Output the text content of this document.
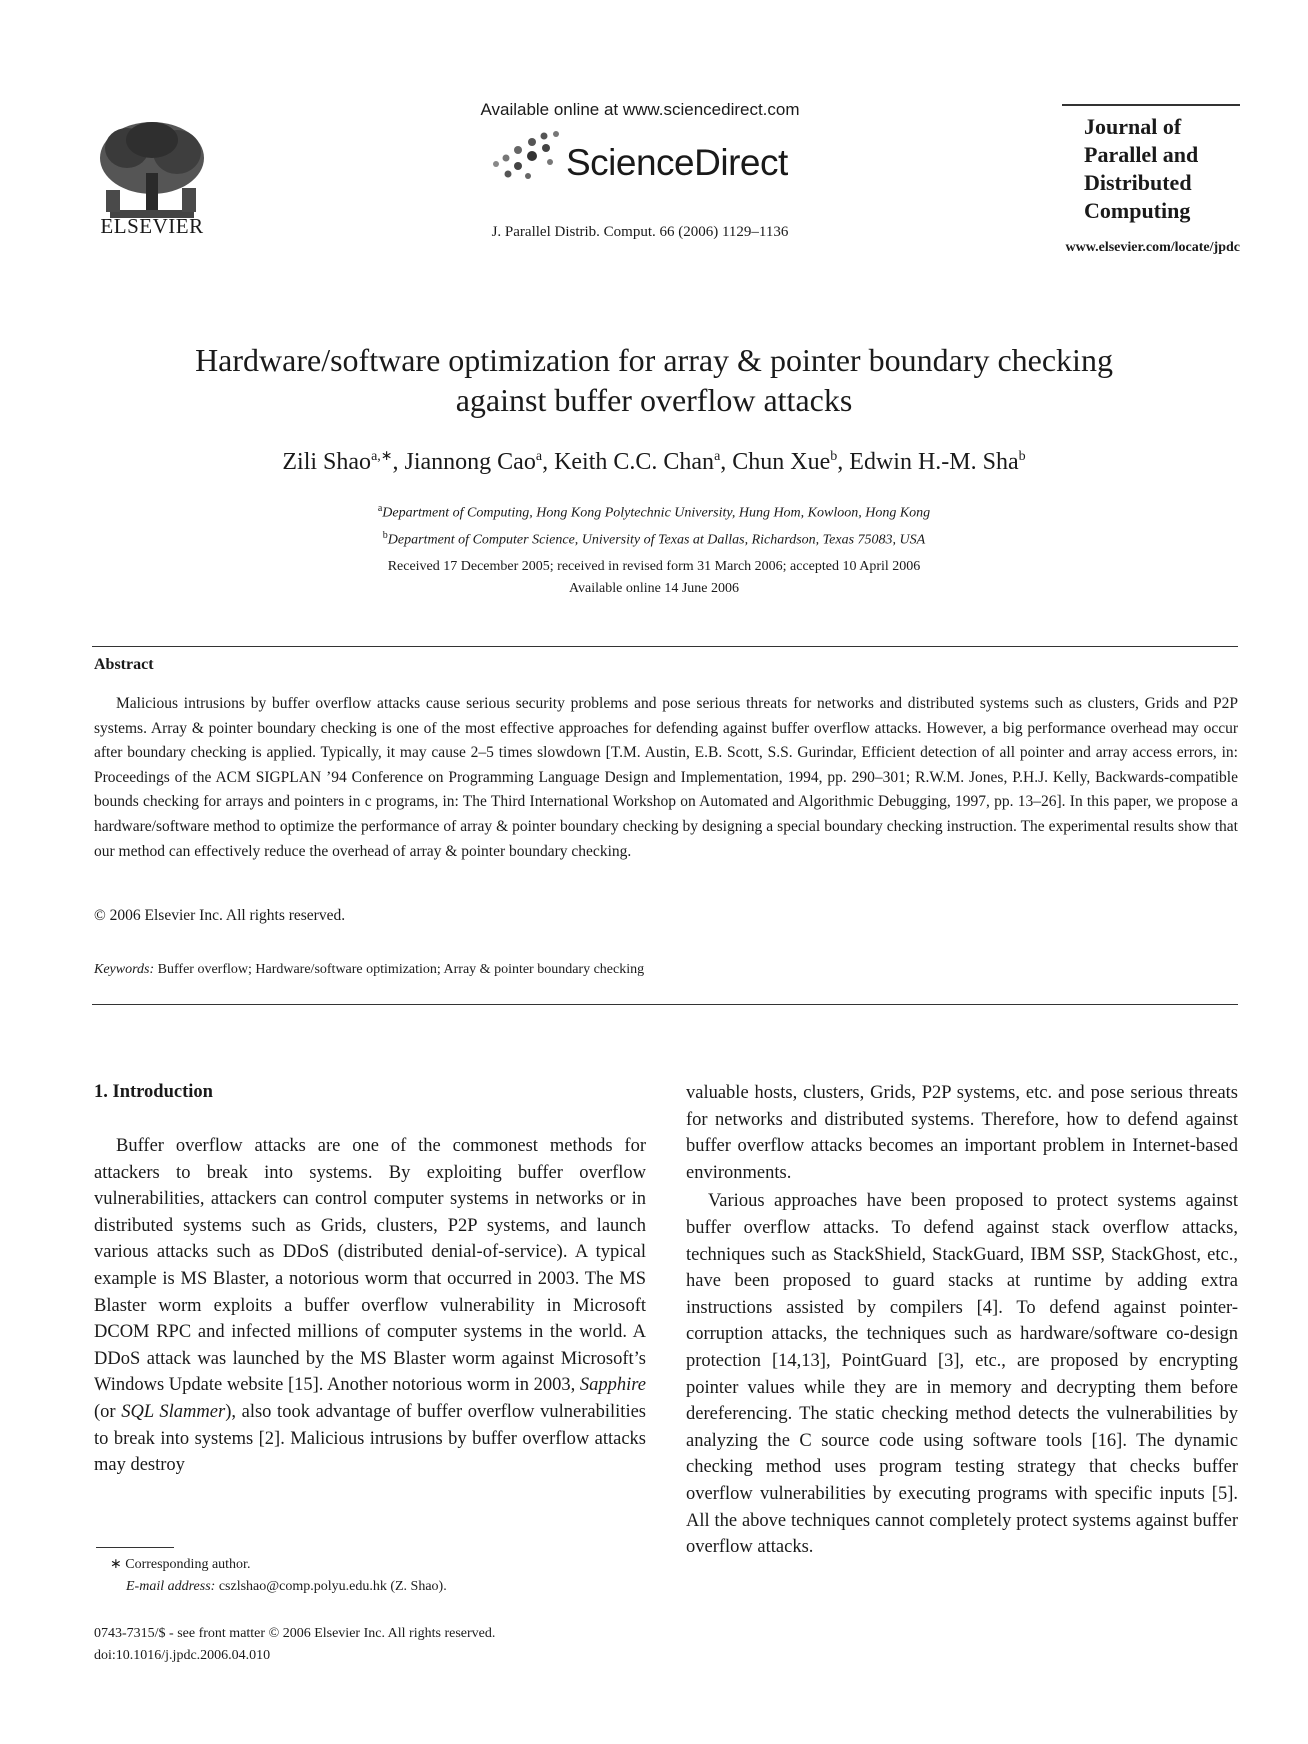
ELSEVIER
Available online at www.sciencedirect.com
ScienceDirect
J. Parallel Distrib. Comput. 66 (2006) 1129–1136
Journal of
Parallel and
Distributed
Computing
www.elsevier.com/locate/jpdc
Hardware/software optimization for array & pointer boundary checking
against buffer overflow attacks
Zili Shao$^{a,∗}$, Jiannong Cao$^a$, Keith C.C. Chan$^a$, Chun Xue$^b$, Edwin H.-M. Sha$^b$
$^a$Department of Computing, Hong Kong Polytechnic University, Hung Hom, Kowloon, Hong Kong
$^b$Department of Computer Science, University of Texas at Dallas, Richardson, Texas 75083, USA
Received 17 December 2005; received in revised form 31 March 2006; accepted 10 April 2006
Available online 14 June 2006
Abstract
Malicious intrusions by buffer overflow attacks cause serious security problems and pose serious threats for networks and distributed systems such as clusters, Grids and P2P systems. Array & pointer boundary checking is one of the most effective approaches for defending against buffer overflow attacks. However, a big performance overhead may occur after boundary checking is applied. Typically, it may cause 2–5 times slowdown [T.M. Austin, E.B. Scott, S.S. Gurindar, Efficient detection of all pointer and array access errors, in: Proceedings of the ACM SIGPLAN ’94 Conference on Programming Language Design and Implementation, 1994, pp. 290–301; R.W.M. Jones, P.H.J. Kelly, Backwards-compatible bounds checking for arrays and pointers in c programs, in: The Third International Workshop on Automated and Algorithmic Debugging, 1997, pp. 13–26]. In this paper, we propose a hardware/software method to optimize the performance of array & pointer boundary checking by designing a special boundary checking instruction. The experimental results show that our method can effectively reduce the overhead of array & pointer boundary checking.
© 2006 Elsevier Inc. All rights reserved.
Keywords: Buffer overflow; Hardware/software optimization; Array & pointer boundary checking
1. Introduction
Buffer overflow attacks are one of the commonest methods for attackers to break into systems. By exploiting buffer overflow vulnerabilities, attackers can control computer systems in networks or in distributed systems such as Grids, clusters, P2P systems, and launch various attacks such as DDoS (distributed denial-of-service). A typical example is MS Blaster, a notorious worm that occurred in 2003. The MS Blaster worm exploits a buffer overflow vulnerability in Microsoft DCOM RPC and infected millions of computer systems in the world. A DDoS attack was launched by the MS Blaster worm against Microsoft’s Windows Update website [15]. Another notorious worm in 2003, Sapphire (or SQL Slammer), also took advantage of buffer overflow vulnerabilities to break into systems [2]. Malicious intrusions by buffer overflow attacks may destroy
valuable hosts, clusters, Grids, P2P systems, etc. and pose serious threats for networks and distributed systems. Therefore, how to defend against buffer overflow attacks becomes an important problem in Internet-based environments.
Various approaches have been proposed to protect systems against buffer overflow attacks. To defend against stack overflow attacks, techniques such as StackShield, StackGuard, IBM SSP, StackGhost, etc., have been proposed to guard stacks at runtime by adding extra instructions assisted by compilers [4]. To defend against pointer-corruption attacks, the techniques such as hardware/software co-design protection [14,13], PointGuard [3], etc., are proposed by encrypting pointer values while they are in memory and decrypting them before dereferencing. The static checking method detects the vulnerabilities by analyzing the C source code using software tools [16]. The dynamic checking method uses program testing strategy that checks buffer overflow vulnerabilities by executing programs with specific inputs [5]. All the above techniques cannot completely protect systems against buffer overflow attacks.
∗ Corresponding author.
E-mail address: cszlshao@comp.polyu.edu.hk (Z. Shao).
0743-7315/$ - see front matter © 2006 Elsevier Inc. All rights reserved.
doi:10.1016/j.jpdc.2006.04.010
